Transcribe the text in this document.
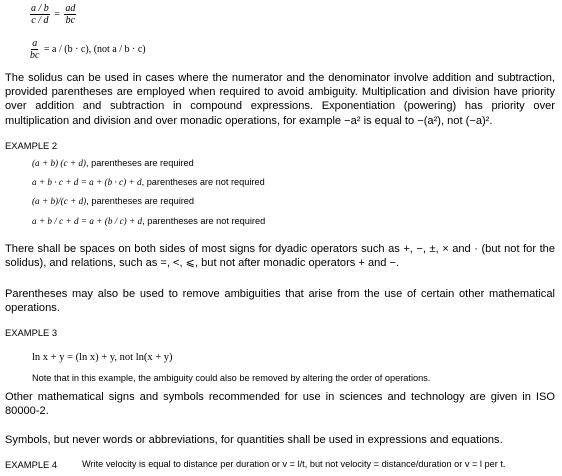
$\frac{a / b}{c / d} = \frac{ad}{bc}$
$\frac{a}{bc} = a / (b \cdot c)$, (not a / b · c)
The solidus can be used in cases where the numerator and the denominator involve addition and subtraction, provided parentheses are employed when required to avoid ambiguity. Multiplication and division have priority over addition and subtraction in compound expressions. Exponentiation (powering) has priority over multiplication and division and over monadic operations, for example −a² is equal to −(a²), not (−a)².
EXAMPLE 2
(a + b) (c + d), parentheses are required
a + b · c + d = a + (b · c) + d, parentheses are not required
(a + b)/(c + d), parentheses are required
a + b / c + d = a + (b / c) + d, parentheses are not required
There shall be spaces on both sides of most signs for dyadic operators such as +, −, ±, × and · (but not for the solidus), and relations, such as =, <, ⩽, but not after monadic operators + and −.
Parentheses may also be used to remove ambiguities that arise from the use of certain other mathematical operations.
EXAMPLE 3
ln x + y = (ln x) + y, not ln(x + y)
Note that in this example, the ambiguity could also be removed by altering the order of operations.
Other mathematical signs and symbols recommended for use in sciences and technology are given in ISO 80000-2.
Symbols, but never words or abbreviations, for quantities shall be used in expressions and equations.
EXAMPLE 4	Write velocity is equal to distance per duration or v = l/t, but not velocity = distance/duration or v = l per t.
